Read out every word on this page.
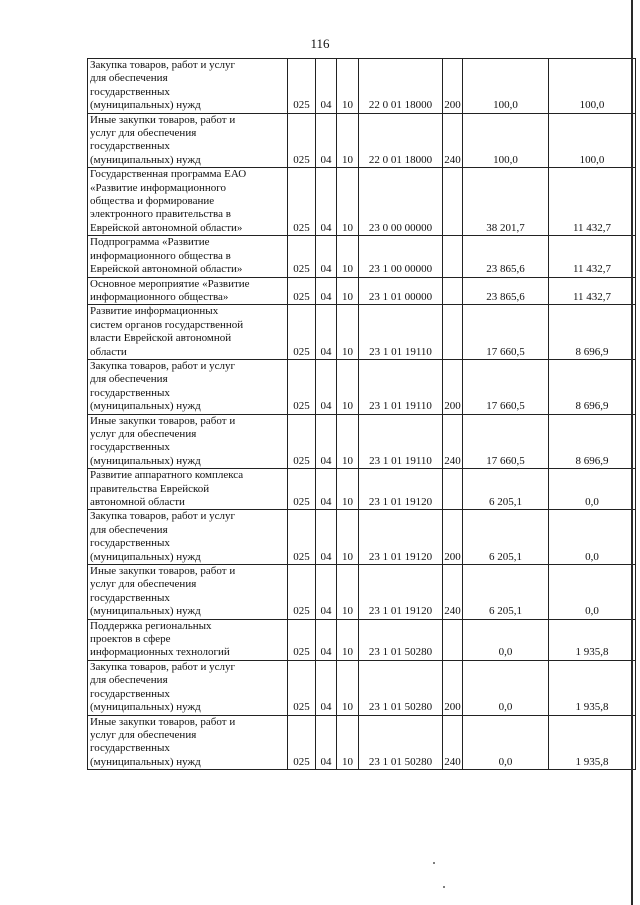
116
Закупка товаров, работ и услуг
для обеспечения
государственных
(муниципальных) нужд	025	04	10	22 0 01 18000	200	100,0	100,0

Иные закупки товаров, работ и
услуг для обеспечения
государственных
(муниципальных) нужд	025	04	10	22 0 01 18000	240	100,0	100,0

Государственная программа ЕАО
«Развитие информационного
общества и формирование
электронного правительства в
Еврейской автономной области»	025	04	10	23 0 00 00000		38 201,7	11 432,7

Подпрограмма «Развитие
информационного общества в
Еврейской автономной области»	025	04	10	23 1 00 00000		23 865,6	11 432,7

Основное мероприятие «Развитие
информационного общества»	025	04	10	23 1 01 00000		23 865,6	11 432,7

Развитие информационных
систем органов государственной
власти Еврейской автономной
области	025	04	10	23 1 01 19110		17 660,5	8 696,9

Закупка товаров, работ и услуг
для обеспечения
государственных
(муниципальных) нужд	025	04	10	23 1 01 19110	200	17 660,5	8 696,9

Иные закупки товаров, работ и
услуг для обеспечения
государственных
(муниципальных) нужд	025	04	10	23 1 01 19110	240	17 660,5	8 696,9

Развитие аппаратного комплекса
правительства Еврейской
автономной области	025	04	10	23 1 01 19120		6 205,1	0,0

Закупка товаров, работ и услуг
для обеспечения
государственных
(муниципальных) нужд	025	04	10	23 1 01 19120	200	6 205,1	0,0

Иные закупки товаров, работ и
услуг для обеспечения
государственных
(муниципальных) нужд	025	04	10	23 1 01 19120	240	6 205,1	0,0

Поддержка региональных
проектов в сфере
информационных технологий	025	04	10	23 1 01 50280		0,0	1 935,8

Закупка товаров, работ и услуг
для обеспечения
государственных
(муниципальных) нужд	025	04	10	23 1 01 50280	200	0,0	1 935,8

Иные закупки товаров, работ и
услуг для обеспечения
государственных
(муниципальных) нужд	025	04	10	23 1 01 50280	240	0,0	1 935,8
